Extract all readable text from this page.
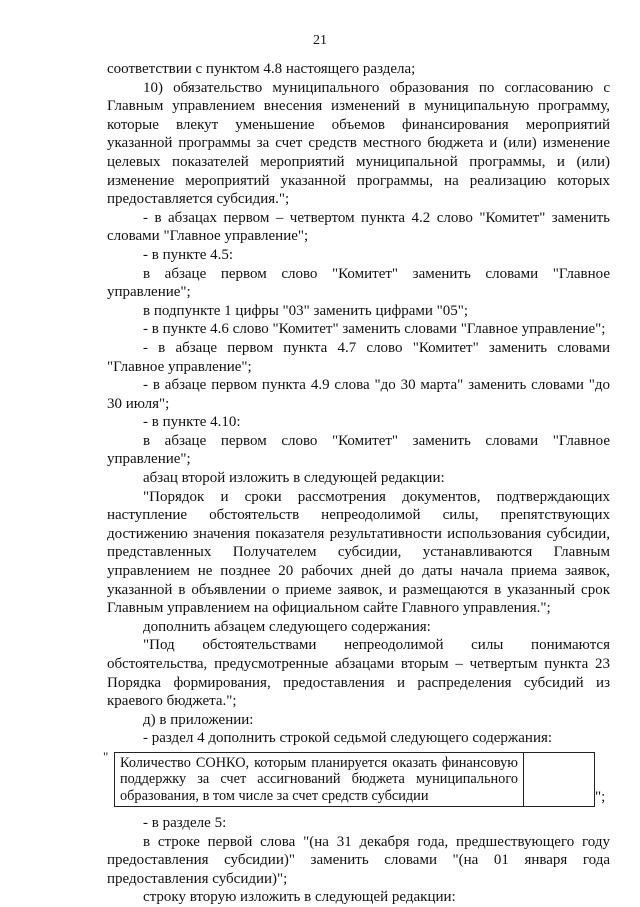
21

соответствии с пунктом 4.8 настоящего раздела;

10) обязательство муниципального образования по согласованию с Главным управлением внесения изменений в муниципальную программу, которые влекут уменьшение объемов финансирования мероприятий указанной программы за счет средств местного бюджета и (или) изменение целевых показателей мероприятий муниципальной программы, и (или) изменение мероприятий указанной программы, на реализацию которых предоставляется субсидия.";

- в абзацах первом – четвертом пункта 4.2 слово "Комитет" заменить словами "Главное управление";

- в пункте 4.5:

в абзаце первом слово "Комитет" заменить словами "Главное управление";

в подпункте 1 цифры "03" заменить цифрами "05";

- в пункте 4.6 слово "Комитет" заменить словами "Главное управление";

- в абзаце первом пункта 4.7 слово "Комитет" заменить словами "Главное управление";

- в абзаце первом пункта 4.9 слова "до 30 марта" заменить словами "до 30 июля";

- в пункте 4.10:

в абзаце первом слово "Комитет" заменить словами "Главное управление";

абзац второй изложить в следующей редакции:

"Порядок и сроки рассмотрения документов, подтверждающих наступление обстоятельств непреодолимой силы, препятствующих достижению значения показателя результативности использования субсидии, представленных Получателем субсидии, устанавливаются Главным управлением не позднее 20 рабочих дней до даты начала приема заявок, указанной в объявлении о приеме заявок, и размещаются в указанный срок Главным управлением на официальном сайте Главного управления.";

дополнить абзацем следующего содержания:

"Под обстоятельствами непреодолимой силы понимаются обстоятельства, предусмотренные абзацами вторым – четвертым пункта 23 Порядка формирования, предоставления и распределения субсидий из краевого бюджета.";

д) в приложении:

- раздел 4 дополнить строкой седьмой следующего содержания:

" Количество СОНКО, которым планируется оказать финансовую поддержку за счет ассигнований бюджета муниципального образования, в том числе за счет средств субсидии		";

- в разделе 5:

в строке первой слова "(на 31 декабря года, предшествующего году предоставления субсидии)" заменить словами "(на 01 января года предоставления субсидии)";

строку вторую изложить в следующей редакции:
